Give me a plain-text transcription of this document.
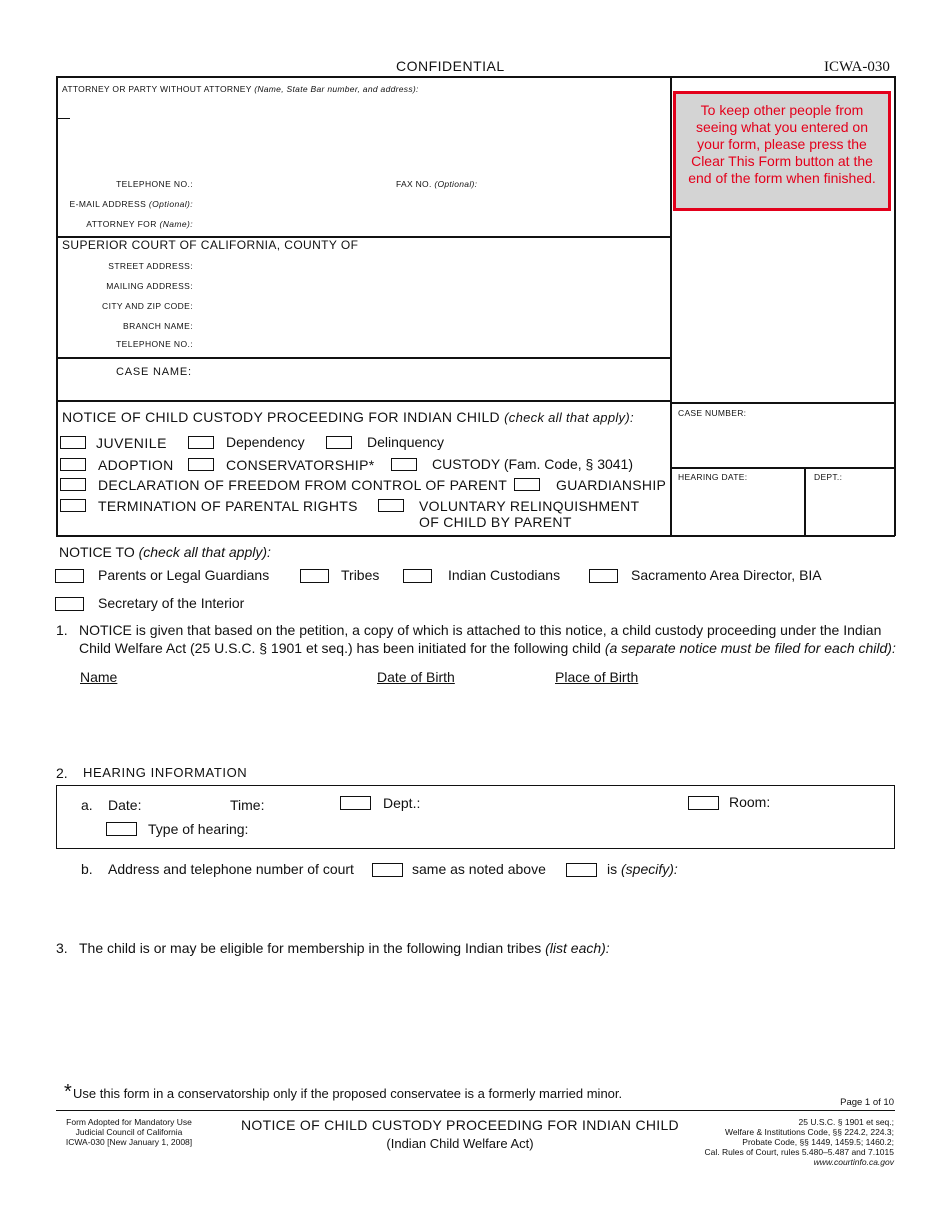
CONFIDENTIAL	ICWA-030
ATTORNEY OR PARTY WITHOUT ATTORNEY (Name, State Bar number, and address):
TELEPHONE NO.:	FAX NO. (Optional):
E-MAIL ADDRESS (Optional):
ATTORNEY FOR (Name):
To keep other people from seeing what you entered on your form, please press the Clear This Form button at the end of the form when finished.
SUPERIOR COURT OF CALIFORNIA, COUNTY OF
STREET ADDRESS:
MAILING ADDRESS:
CITY AND ZIP CODE:
BRANCH NAME:
TELEPHONE NO.:
CASE NAME:
CASE NUMBER:
HEARING DATE:	DEPT.:
NOTICE OF CHILD CUSTODY PROCEEDING FOR INDIAN CHILD (check all that apply):
JUVENILE	Dependency	Delinquency
ADOPTION	CONSERVATORSHIP*	CUSTODY (Fam. Code, § 3041)
DECLARATION OF FREEDOM FROM CONTROL OF PARENT	GUARDIANSHIP
TERMINATION OF PARENTAL RIGHTS	VOLUNTARY RELINQUISHMENT
OF CHILD BY PARENT
NOTICE TO (check all that apply):
Parents or Legal Guardians	Tribes	Indian Custodians	Sacramento Area Director, BIA
Secretary of the Interior
1. NOTICE is given that based on the petition, a copy of which is attached to this notice, a child custody proceeding under the Indian
Child Welfare Act (25 U.S.C. § 1901 et seq.) has been initiated for the following child (a separate notice must be filed for each child):
Name	Date of Birth	Place of Birth
2. HEARING INFORMATION
a. Date:	Time:	Dept.:	Room:
Type of hearing:
b. Address and telephone number of court	same as noted above	is (specify):
3. The child is or may be eligible for membership in the following Indian tribes (list each):
* Use this form in a conservatorship only if the proposed conservatee is a formerly married minor.
Page 1 of 10
Form Adopted for Mandatory Use
Judicial Council of California
ICWA-030 [New January 1, 2008]
NOTICE OF CHILD CUSTODY PROCEEDING FOR INDIAN CHILD
(Indian Child Welfare Act)
25 U.S.C. § 1901 et seq.;
Welfare & Institutions Code, §§ 224.2, 224.3;
Probate Code, §§ 1449, 1459.5; 1460.2;
Cal. Rules of Court, rules 5.480–5.487 and 7.1015
www.courtinfo.ca.gov
